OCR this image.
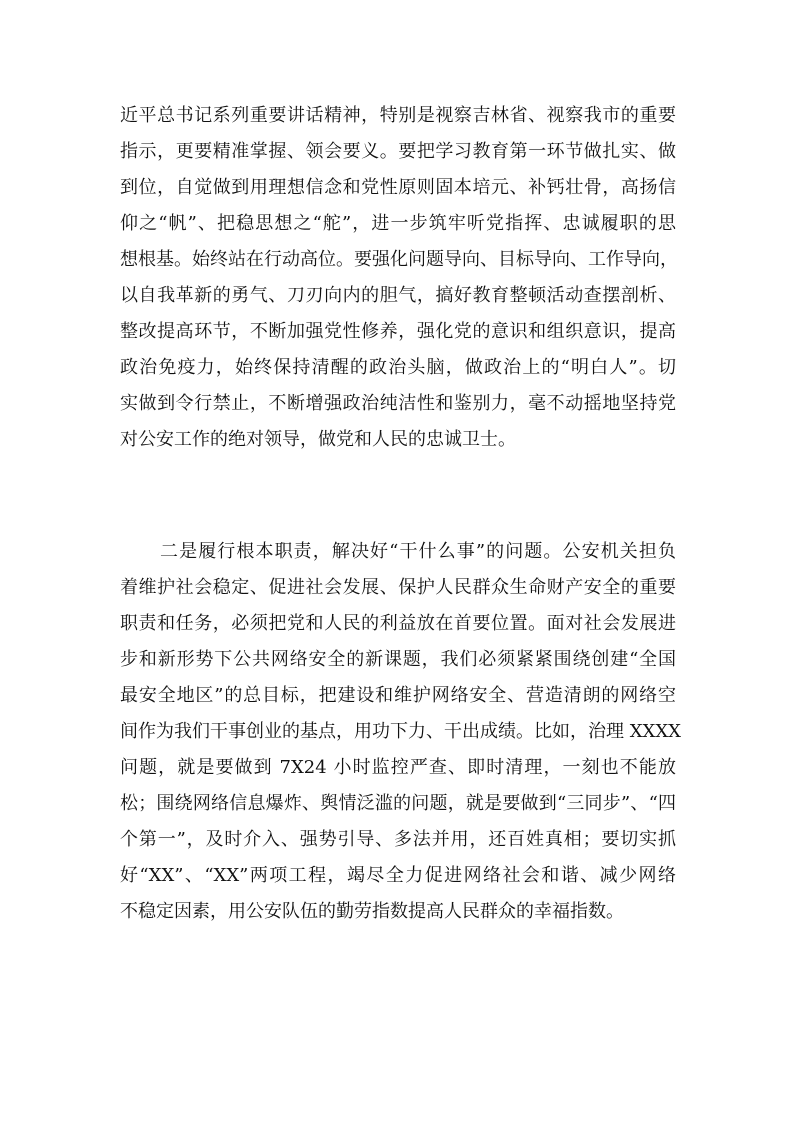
近平总书记系列重要讲话精神，特别是视察吉林省、视察我市的重要
指示，更要精准掌握、领会要义。要把学习教育第一环节做扎实、做
到位，自觉做到用理想信念和党性原则固本培元、补钙壮骨，高扬信
仰之“帆”、把稳思想之“舵”，进一步筑牢听党指挥、忠诚履职的思
想根基。始终站在行动高位。要强化问题导向、目标导向、工作导向，
以自我革新的勇气、刀刃向内的胆气，搞好教育整顿活动查摆剖析、
整改提高环节，不断加强党性修养，强化党的意识和组织意识，提高
政治免疫力，始终保持清醒的政治头脑，做政治上的“明白人”。切
实做到令行禁止，不断增强政治纯洁性和鉴别力，毫不动摇地坚持党
对公安工作的绝对领导，做党和人民的忠诚卫士。
二是履行根本职责，解决好“干什么事”的问题。公安机关担负
着维护社会稳定、促进社会发展、保护人民群众生命财产安全的重要
职责和任务，必须把党和人民的利益放在首要位置。面对社会发展进
步和新形势下公共网络安全的新课题，我们必须紧紧围绕创建“全国
最安全地区”的总目标，把建设和维护网络安全、营造清朗的网络空
间作为我们干事创业的基点，用功下力、干出成绩。比如，治理 XXXX
问题，就是要做到 7X24 小时监控严查、即时清理，一刻也不能放
松；围绕网络信息爆炸、舆情泛滥的问题，就是要做到“三同步”、“四
个第一”，及时介入、强势引导、多法并用，还百姓真相；要切实抓
好“XX”、“XX”两项工程，竭尽全力促进网络社会和谐、减少网络
不稳定因素，用公安队伍的勤劳指数提高人民群众的幸福指数。
